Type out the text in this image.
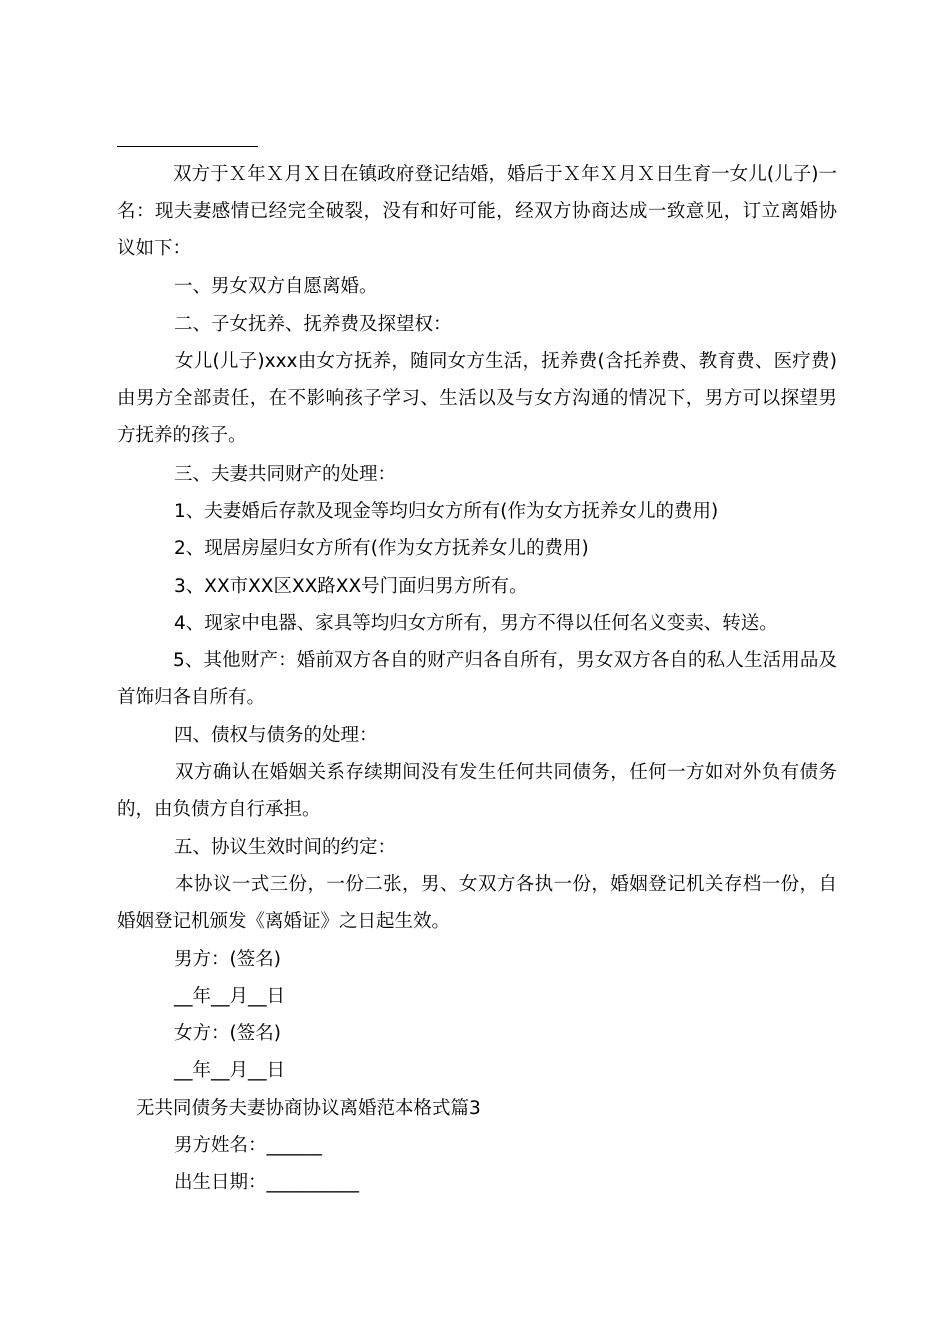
双方于Ｘ年Ｘ月Ｘ日在镇政府登记结婚，婚后于Ｘ年Ｘ月Ｘ日生育一女儿(儿子)一名：现夫妻感情已经完全破裂，没有和好可能，经双方协商达成一致意见，订立离婚协议如下：
一、男女双方自愿离婚。
二、子女抚养、抚养费及探望权：
女儿(儿子)xxx由女方抚养，随同女方生活，抚养费(含托养费、教育费、医疗费)由男方全部责任，在不影响孩子学习、生活以及与女方沟通的情况下，男方可以探望男方抚养的孩子。
三、夫妻共同财产的处理：
1、夫妻婚后存款及现金等均归女方所有(作为女方抚养女儿的费用)
2、现居房屋归女方所有(作为女方抚养女儿的费用)
3、XX市XX区XX路XX号门面归男方所有。
4、现家中电器、家具等均归女方所有，男方不得以任何名义变卖、转送。
5、其他财产：婚前双方各自的财产归各自所有，男女双方各自的私人生活用品及首饰归各自所有。
四、债权与债务的处理：
双方确认在婚姻关系存续期间没有发生任何共同债务，任何一方如对外负有债务的，由负债方自行承担。
五、协议生效时间的约定：
本协议一式三份，一份二张，男、女双方各执一份，婚姻登记机关存档一份，自婚姻登记机颁发《离婚证》之日起生效。
男方：(签名)
__年__月__日
女方：(签名)
__年__月__日
无共同债务夫妻协商协议离婚范本格式篇3
男方姓名：______
出生日期：__________
